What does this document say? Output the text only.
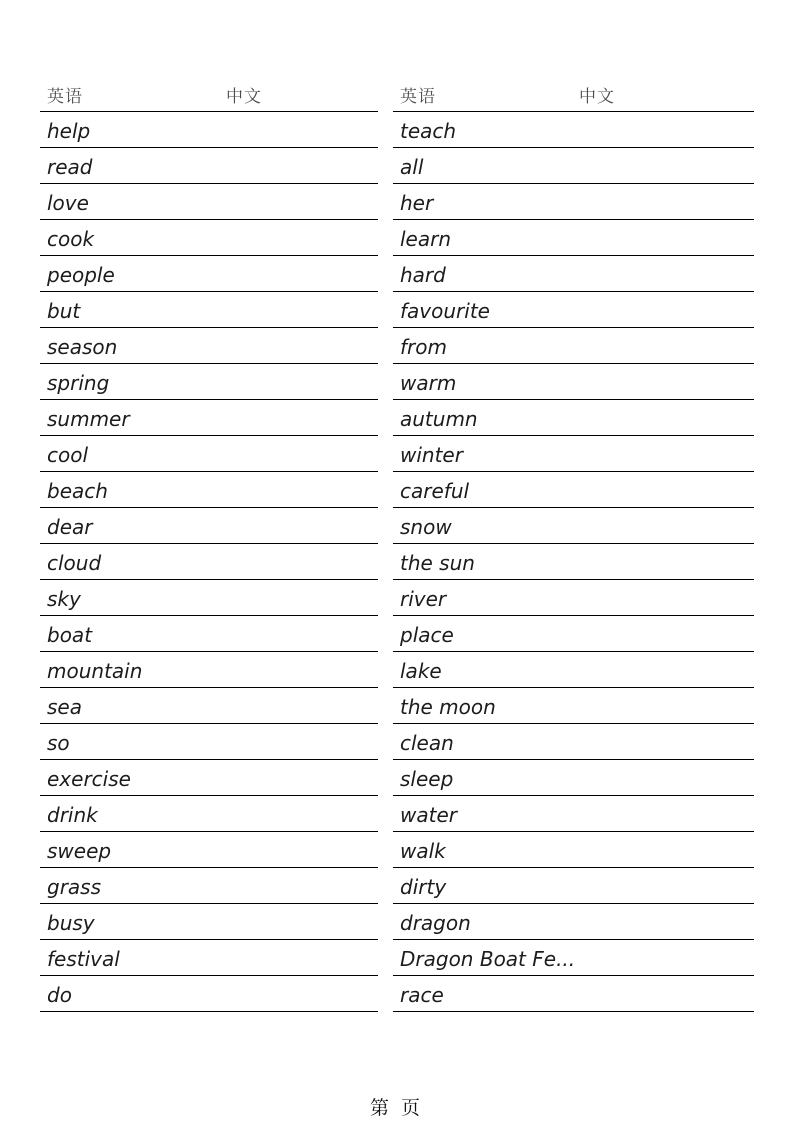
英语	中文
help
read
love
cook
people
but
season
spring
summer
cool
beach
dear
cloud
sky
boat
mountain
sea
so
exercise
drink
sweep
grass
busy
festival
do
英语	中文
teach
all
her
learn
hard
favourite
from
warm
autumn
winter
careful
snow
the sun
river
place
lake
the moon
clean
sleep
water
walk
dirty
dragon
Dragon Boat Fe...
race
第 页
